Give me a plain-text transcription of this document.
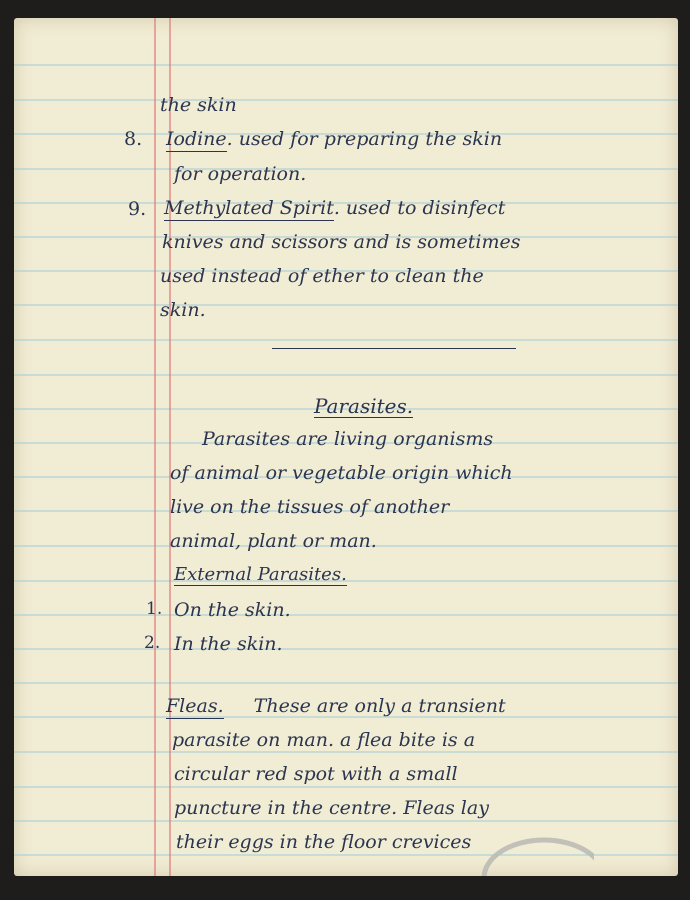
the skin
8. Iodine. used for preparing the skin
for operation.
9. Methylated Spirit. used to disinfect
knives and scissors and is sometimes
used instead of ether to clean the
skin.
Parasites.
Parasites are living organisms
of animal or vegetable origin which
live on the tissues of another
animal, plant or man.
External Parasites.
1. On the skin.
2. In the skin.
Fleas. These are only a transient
parasite on man. a flea bite is a
circular red spot with a small
puncture in the centre. Fleas lay
their eggs in the floor crevices
